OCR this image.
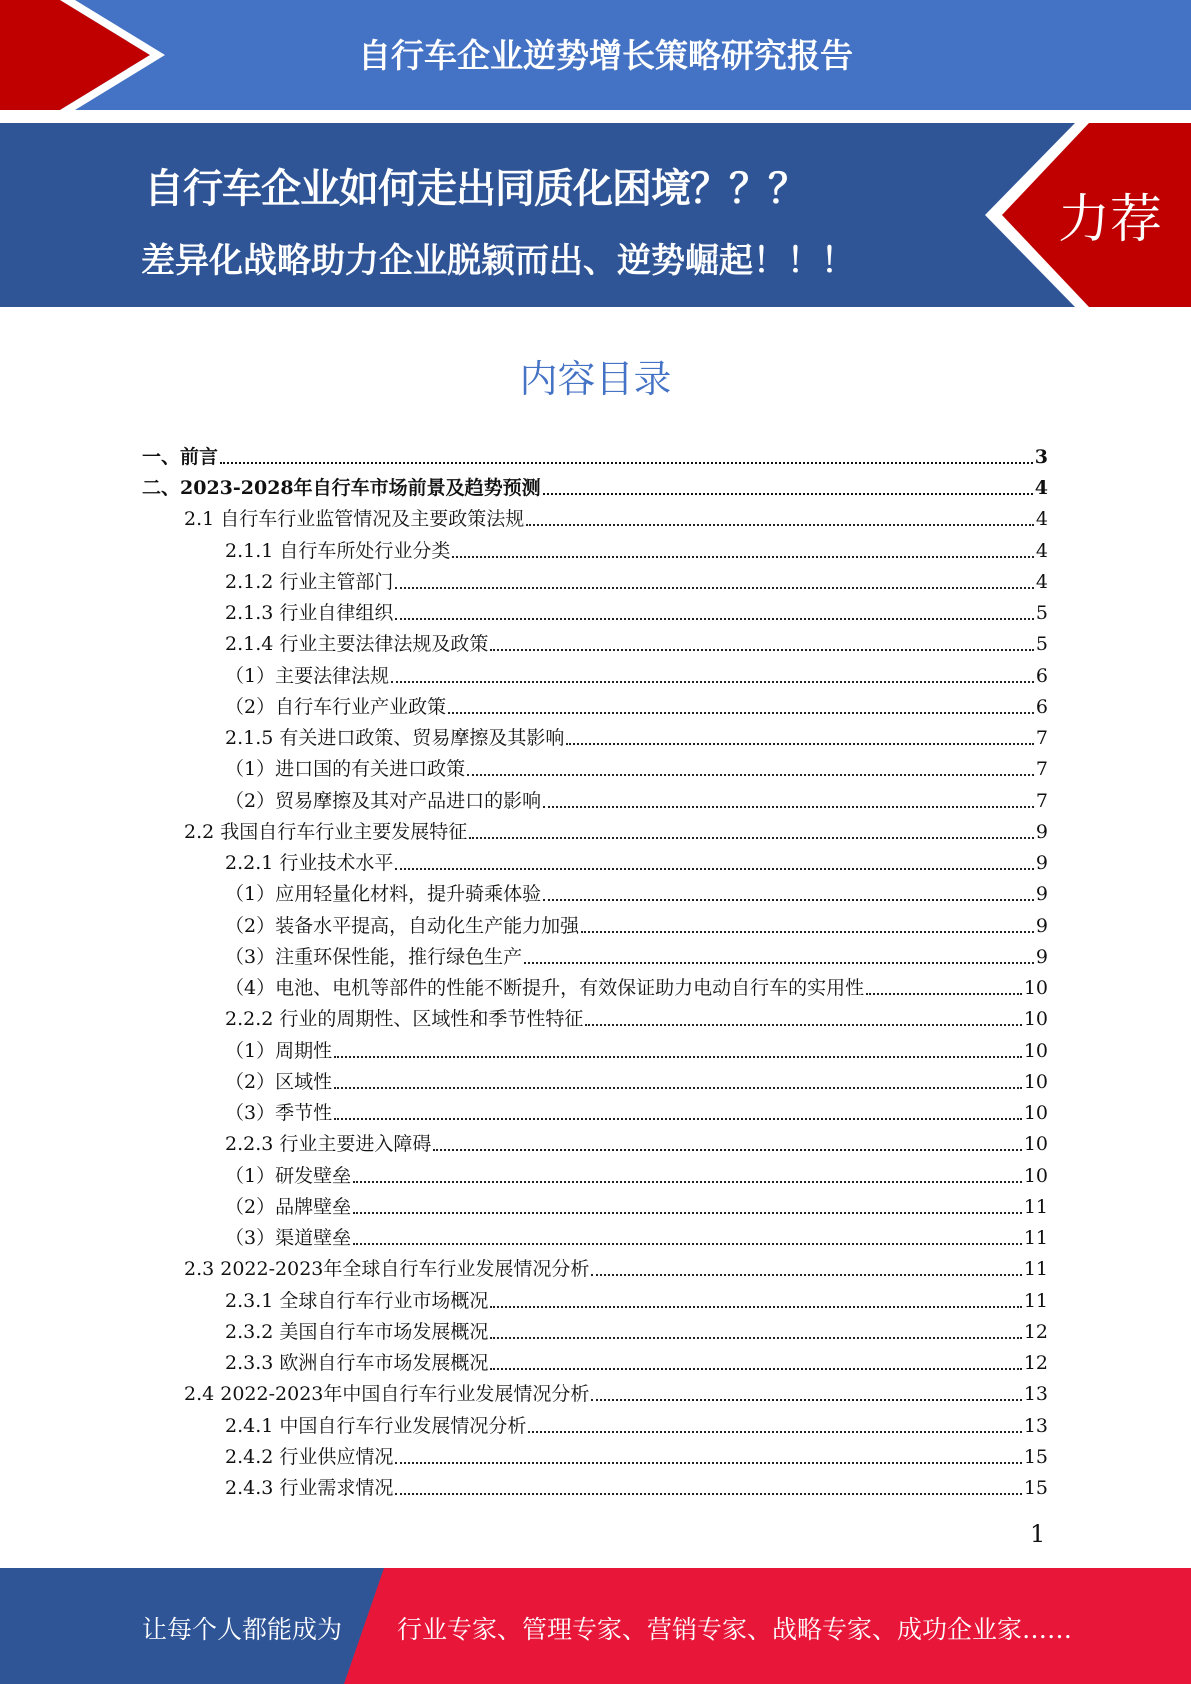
自行车企业逆势增长策略研究报告
自行车企业如何走出同质化困境？？？
差异化战略助力企业脱颖而出、逆势崛起！！！
力荐
内容目录
一、前言	3
二、2023-2028年自行车市场前景及趋势预测	4
2.1 自行车行业监管情况及主要政策法规	4
2.1.1 自行车所处行业分类	4
2.1.2 行业主管部门	4
2.1.3 行业自律组织	5
2.1.4 行业主要法律法规及政策	5
（1）主要法律法规	6
（2）自行车行业产业政策	6
2.1.5 有关进口政策、贸易摩擦及其影响	7
（1）进口国的有关进口政策	7
（2）贸易摩擦及其对产品进口的影响	7
2.2 我国自行车行业主要发展特征	9
2.2.1 行业技术水平	9
（1）应用轻量化材料，提升骑乘体验	9
（2）装备水平提高，自动化生产能力加强	9
（3）注重环保性能，推行绿色生产	9
（4）电池、电机等部件的性能不断提升，有效保证助力电动自行车的实用性	10
2.2.2 行业的周期性、区域性和季节性特征	10
（1）周期性	10
（2）区域性	10
（3）季节性	10
2.2.3 行业主要进入障碍	10
（1）研发壁垒	10
（2）品牌壁垒	11
（3）渠道壁垒	11
2.3 2022-2023年全球自行车行业发展情况分析	11
2.3.1 全球自行车行业市场概况	11
2.3.2 美国自行车市场发展概况	12
2.3.3 欧洲自行车市场发展概况	12
2.4 2022-2023年中国自行车行业发展情况分析	13
2.4.1 中国自行车行业发展情况分析	13
2.4.2 行业供应情况	15
2.4.3 行业需求情况	15
1
让每个人都能成为 行业专家、管理专家、营销专家、战略专家、成功企业家……
